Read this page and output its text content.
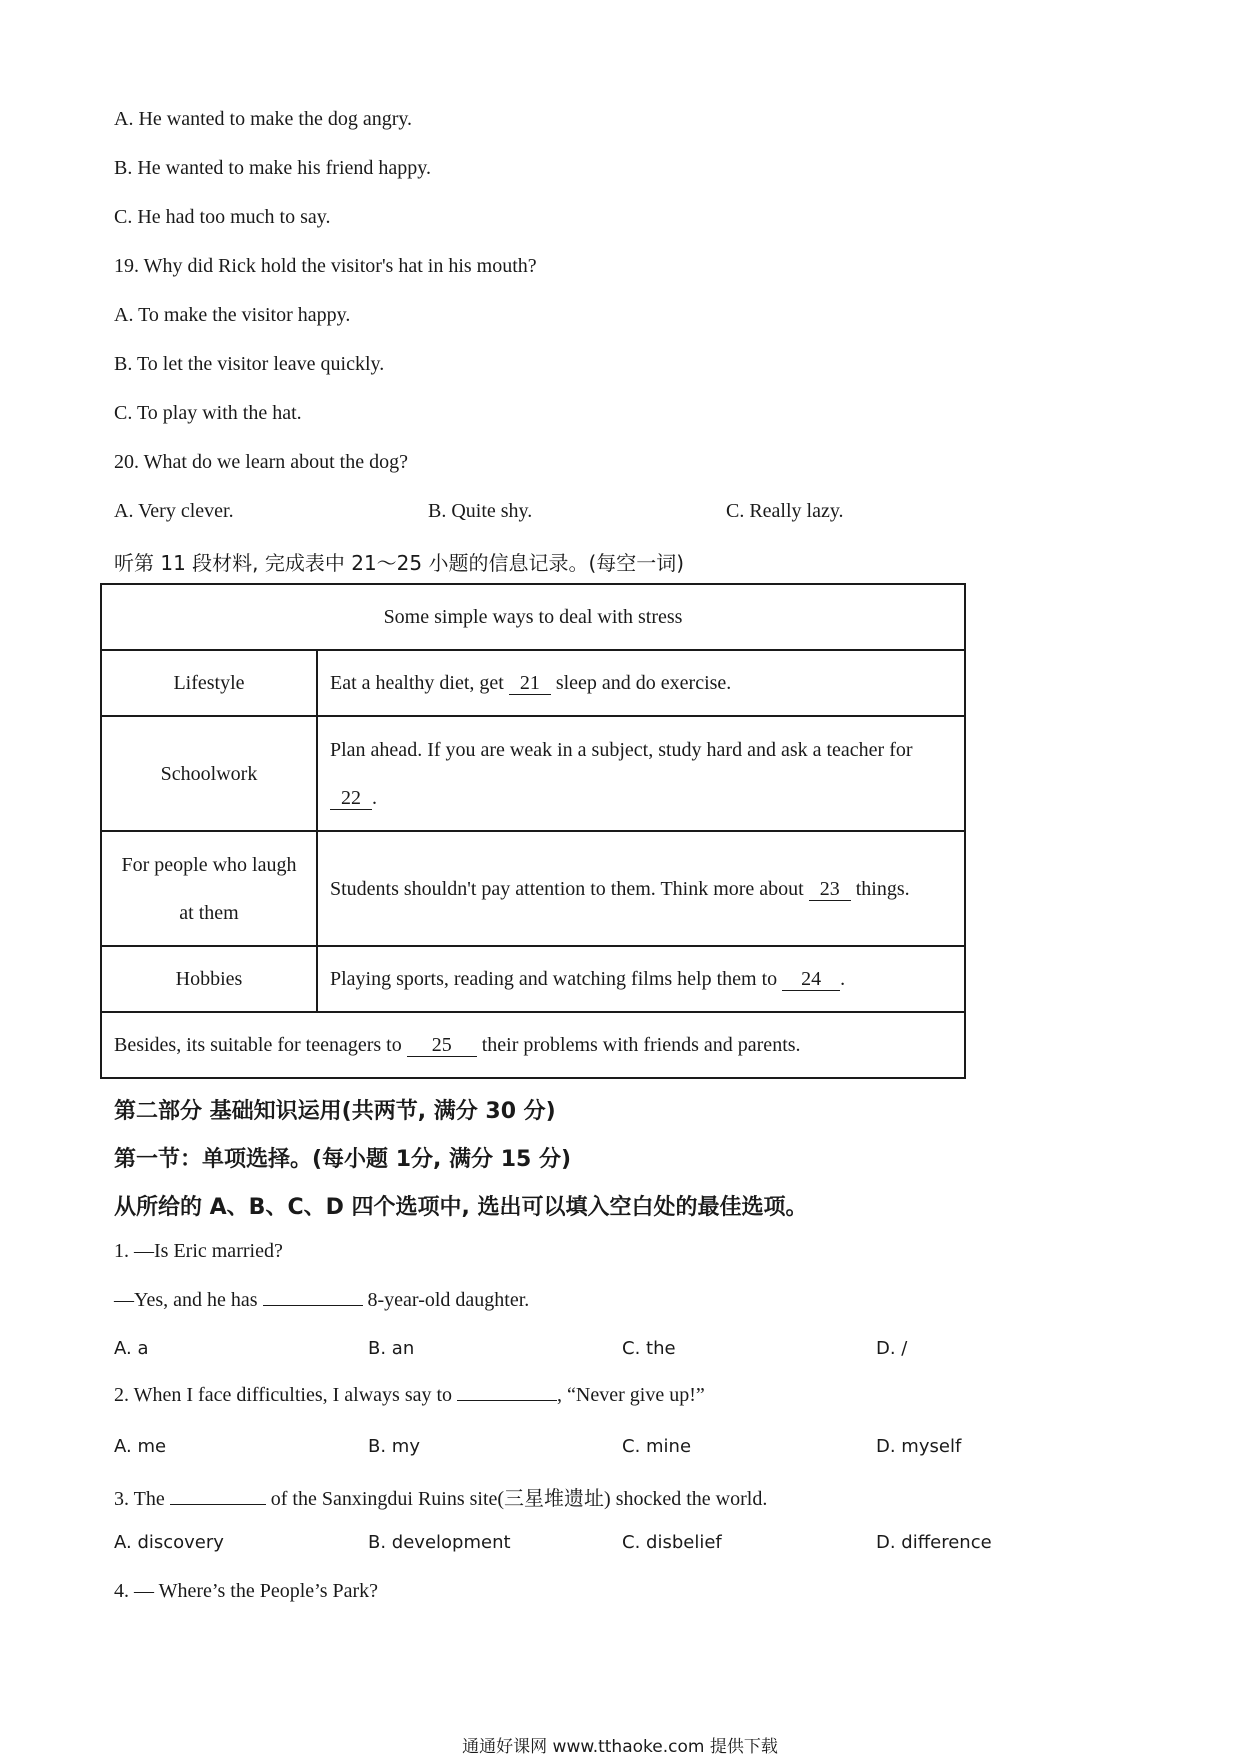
A. He wanted to make the dog angry.
B. He wanted to make his friend happy.
C. He had too much to say.
19. Why did Rick hold the visitor's hat in his mouth?
A. To make the visitor happy.
B. To let the visitor leave quickly.
C. To play with the hat.
20. What do we learn about the dog?
A. Very clever.	B. Quite shy.	C. Really lazy.
听第 11 段材料, 完成表中 21～25 小题的信息记录。(每空一词)
Some simple ways to deal with stress	
Lifestyle	Eat a healthy diet, get 21 sleep and do exercise.
Schoolwork	Plan ahead. If you are weak in a subject, study hard and ask a teacher for 22 .
For people who laugh at them	Students shouldn't pay attention to them. Think more about 23 things.
Hobbies	Playing sports, reading and watching films help them to 24 .
Besides, its suitable for teenagers to 25 their problems with friends and parents.	
第二部分 基础知识运用(共两节, 满分 30 分)
第一节：单项选择。(每小题 1分, 满分 15 分)
从所给的 A、B、C、D 四个选项中, 选出可以填入空白处的最佳选项。
1. —Is Eric married?
—Yes, and he has	8-year-old daughter.
A. a	B. an	C. the	D. /
2. When I face difficulties, I always say to	, “Never give up!”
A. me	B. my	C. mine	D. myself
3. The	of the Sanxingdui Ruins site(三星堆遗址) shocked the world.
A. discovery	B. development	C. disbelief	D. difference
4. — Where’s the People’s Park?
通通好课网 www.tthaoke.com 提供下载
